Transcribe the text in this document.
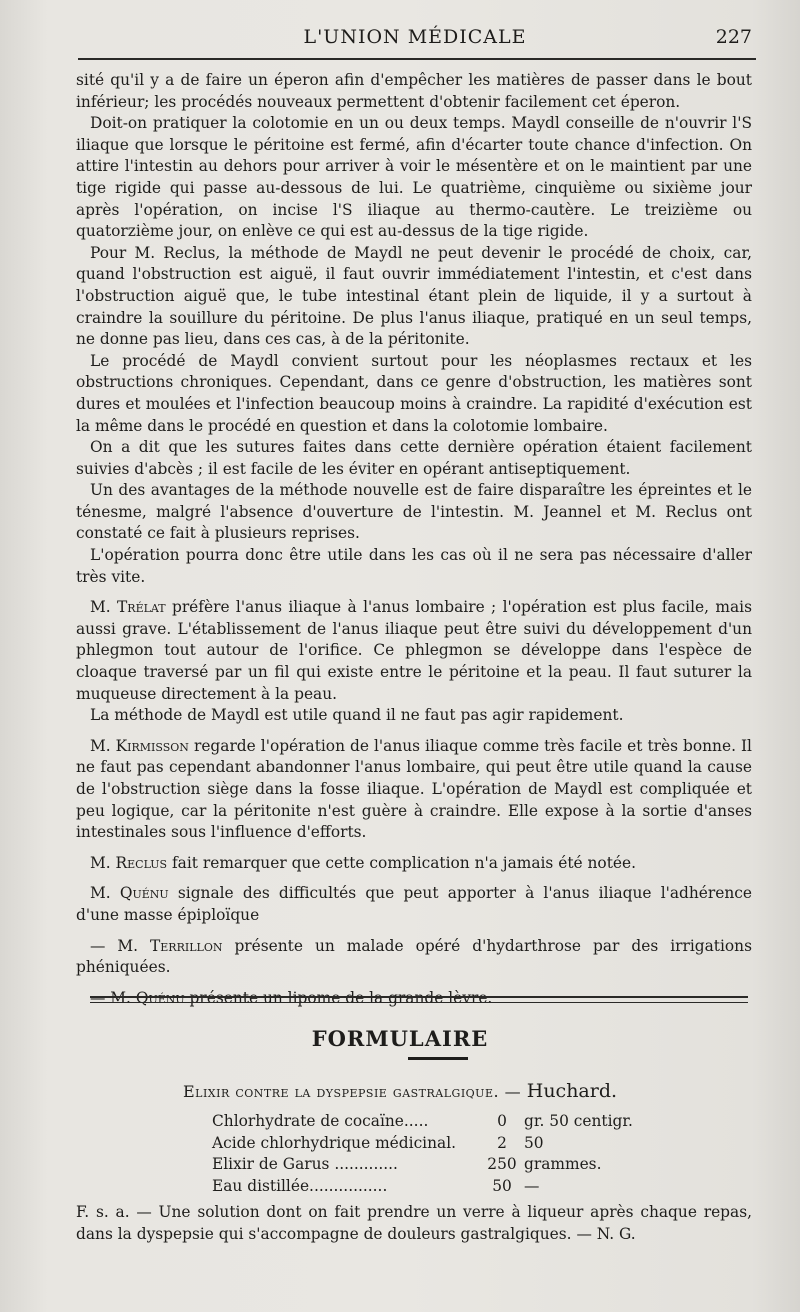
L'UNION MÉDICALE	227

sité qu'il y a de faire un éperon afin d'empêcher les matières de passer dans le bout inférieur; les procédés nouveaux permettent d'obtenir facilement cet éperon.

Doit-on pratiquer la colotomie en un ou deux temps. Maydl conseille de n'ouvrir l'S iliaque que lorsque le péritoine est fermé, afin d'écarter toute chance d'infection. On attire l'intestin au dehors pour arriver à voir le mésentère et on le maintient par une tige rigide qui passe au-dessous de lui. Le quatrième, cinquième ou sixième jour après l'opération, on incise l'S iliaque au thermo-cautère. Le treizième ou quatorzième jour, on enlève ce qui est au-dessus de la tige rigide.

Pour M. Reclus, la méthode de Maydl ne peut devenir le procédé de choix, car, quand l'obstruction est aiguë, il faut ouvrir immédiatement l'intestin, et c'est dans l'obstruction aiguë que, le tube intestinal étant plein de liquide, il y a surtout à craindre la souillure du péritoine. De plus l'anus iliaque, pratiqué en un seul temps, ne donne pas lieu, dans ces cas, à de la péritonite.

Le procédé de Maydl convient surtout pour les néoplasmes rectaux et les obstructions chroniques. Cependant, dans ce genre d'obstruction, les matières sont dures et moulées et l'infection beaucoup moins à craindre. La rapidité d'exécution est la même dans le procédé en question et dans la colotomie lombaire.

On a dit que les sutures faites dans cette dernière opération étaient facilement suivies d'abcès ; il est facile de les éviter en opérant antiseptiquement.

Un des avantages de la méthode nouvelle est de faire disparaître les épreintes et le ténesme, malgré l'absence d'ouverture de l'intestin. M. Jeannel et M. Reclus ont constaté ce fait à plusieurs reprises.

L'opération pourra donc être utile dans les cas où il ne sera pas nécessaire d'aller très vite.

M. Trélat préfère l'anus iliaque à l'anus lombaire ; l'opération est plus facile, mais aussi grave. L'établissement de l'anus iliaque peut être suivi du développement d'un phlegmon tout autour de l'orifice. Ce phlegmon se développe dans l'espèce de cloaque traversé par un fil qui existe entre le péritoine et la peau. Il faut suturer la muqueuse directement à la peau.

La méthode de Maydl est utile quand il ne faut pas agir rapidement.

M. Kirmisson regarde l'opération de l'anus iliaque comme très facile et très bonne. Il ne faut pas cependant abandonner l'anus lombaire, qui peut être utile quand la cause de l'obstruction siège dans la fosse iliaque. L'opération de Maydl est compliquée et peu logique, car la péritonite n'est guère à craindre. Elle expose à la sortie d'anses intestinales sous l'influence d'efforts.

M. Reclus fait remarquer que cette complication n'a jamais été notée.

M. Quénu signale des difficultés que peut apporter à l'anus iliaque l'adhérence d'une masse épiploïque

— M. Terrillon présente un malade opéré d'hydarthrose par des irrigations phéniquées.

— M. Quénu présente un lipome de la grande lèvre.

FORMULAIRE
Elixir contre la dyspepsie gastralgique. — Huchard.
Chlorhydrate de cocaïne.....	0	gr. 50 centigr.
Acide chlorhydrique médicinal.	2	50
Elixir de Garus .............	250	grammes.
Eau distillée................	50	—

F. s. a. — Une solution dont on fait prendre un verre à liqueur après chaque repas, dans la dyspepsie qui s'accompagne de douleurs gastralgiques. — N. G.
